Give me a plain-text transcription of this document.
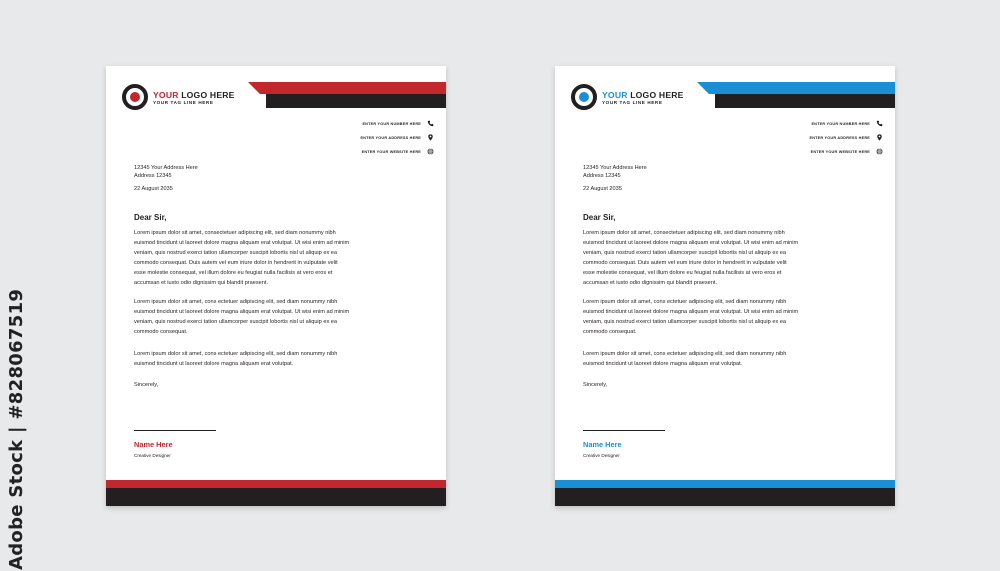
Adobe Stock | #828067519
YOUR LOGO HERE
YOUR TAG LINE HERE
ENTER YOUR NUMBER HERE
ENTER YOUR ADDRESS HERE
ENTER YOUR WEBSITE HERE
12345 Your Address Here
Address 12345
22 August 2035
Dear Sir,
Lorem ipsum dolor sit amet, consectetuer adipiscing elit, sed diam nonummy nibh
euismod tincidunt ut laoreet dolore magna aliquam erat volutpat. Ut wisi enim ad minim
veniam, quis nostrud exerci tation ullamcorper suscipit lobortis nisl ut aliquip ex ea
commodo consequat. Duis autem vel eum iriure dolor in hendrerit in vulputate velit
esse molestie consequat, vel illum dolore eu feugiat nulla facilisis at vero eros et
accumsan et iusto odio dignissim qui blandit praesent.
Lorem ipsum dolor sit amet, cons ectetuer adipiscing elit, sed diam nonummy nibh
euismod tincidunt ut laoreet dolore magna aliquam erat volutpat. Ut wisi enim ad minim
veniam, quis nostrud exerci tation ullamcorper suscipit lobortis nisl ut aliquip ex ea
commodo consequat.
Lorem ipsum dolor sit amet, cons ectetuer adipiscing elit, sed diam nonummy nibh
euismod tincidunt ut laoreet dolore magna aliquam erat volutpat.
Sincerely,
Name Here
Creative Designer
YOUR LOGO HERE
YOUR TAG LINE HERE
ENTER YOUR NUMBER HERE
ENTER YOUR ADDRESS HERE
ENTER YOUR WEBSITE HERE
12345 Your Address Here
Address 12345
22 August 2035
Dear Sir,
Lorem ipsum dolor sit amet, consectetuer adipiscing elit, sed diam nonummy nibh
euismod tincidunt ut laoreet dolore magna aliquam erat volutpat. Ut wisi enim ad minim
veniam, quis nostrud exerci tation ullamcorper suscipit lobortis nisl ut aliquip ex ea
commodo consequat. Duis autem vel eum iriure dolor in hendrerit in vulputate velit
esse molestie consequat, vel illum dolore eu feugiat nulla facilisis at vero eros et
accumsan et iusto odio dignissim qui blandit praesent.
Lorem ipsum dolor sit amet, cons ectetuer adipiscing elit, sed diam nonummy nibh
euismod tincidunt ut laoreet dolore magna aliquam erat volutpat. Ut wisi enim ad minim
veniam, quis nostrud exerci tation ullamcorper suscipit lobortis nisl ut aliquip ex ea
commodo consequat.
Lorem ipsum dolor sit amet, cons ectetuer adipiscing elit, sed diam nonummy nibh
euismod tincidunt ut laoreet dolore magna aliquam erat volutpat.
Sincerely,
Name Here
Creative Designer
